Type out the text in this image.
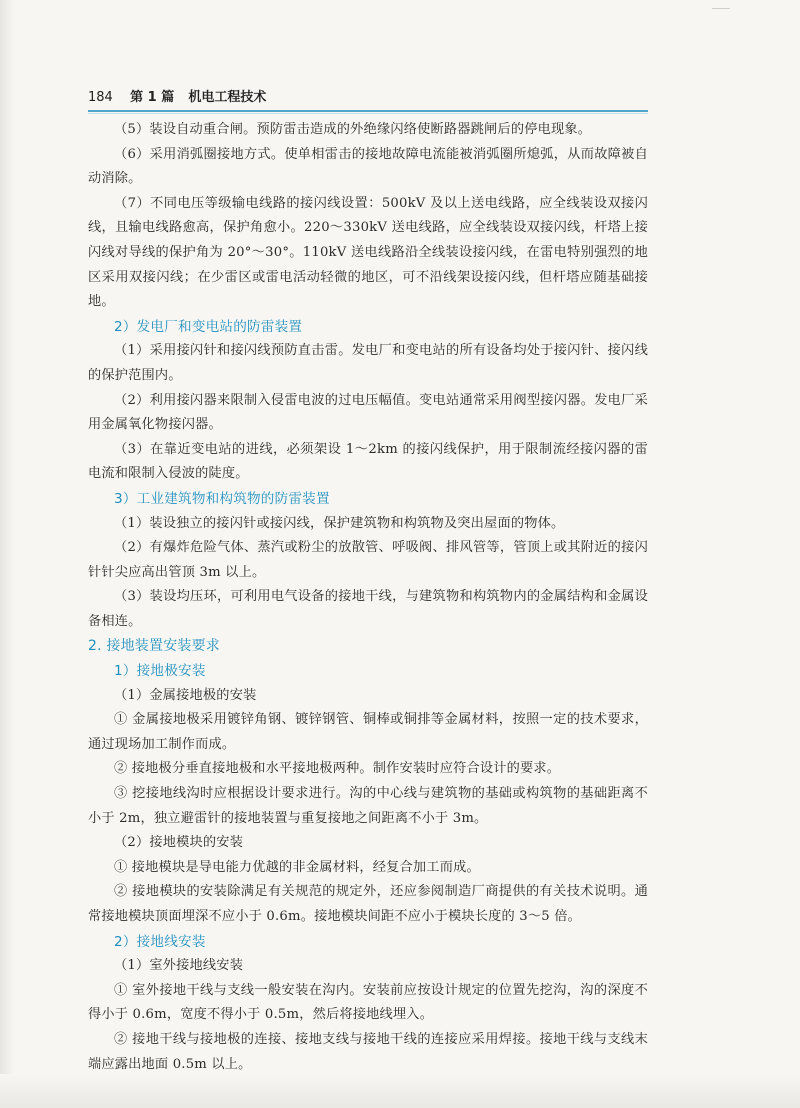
184 第 1 篇 机电工程技术

（5）装设自动重合闸。预防雷击造成的外绝缘闪络使断路器跳闸后的停电现象。

（6）采用消弧圈接地方式。使单相雷击的接地故障电流能被消弧圈所熄弧，从而故障被自动消除。

（7）不同电压等级输电线路的接闪线设置：500kV 及以上送电线路，应全线装设双接闪线，且输电线路愈高，保护角愈小。220～330kV 送电线路，应全线装设双接闪线，杆塔上接闪线对导线的保护角为 20°～30°。110kV 送电线路沿全线装设接闪线，在雷电特别强烈的地区采用双接闪线；在少雷区或雷电活动轻微的地区，可不沿线架设接闪线，但杆塔应随基础接地。

2）发电厂和变电站的防雷装置

（1）采用接闪针和接闪线预防直击雷。发电厂和变电站的所有设备均处于接闪针、接闪线的保护范围内。

（2）利用接闪器来限制入侵雷电波的过电压幅值。变电站通常采用阀型接闪器。发电厂采用金属氧化物接闪器。

（3）在靠近变电站的进线，必须架设 1～2km 的接闪线保护，用于限制流经接闪器的雷电流和限制入侵波的陡度。

3）工业建筑物和构筑物的防雷装置

（1）装设独立的接闪针或接闪线，保护建筑物和构筑物及突出屋面的物体。

（2）有爆炸危险气体、蒸汽或粉尘的放散管、呼吸阀、排风管等，管顶上或其附近的接闪针针尖应高出管顶 3m 以上。

（3）装设均压环，可利用电气设备的接地干线，与建筑物和构筑物内的金属结构和金属设备相连。

2. 接地装置安装要求
1）接地极安装

（1）金属接地极的安装

① 金属接地极采用镀锌角钢、镀锌钢管、铜棒或铜排等金属材料，按照一定的技术要求，通过现场加工制作而成。

② 接地极分垂直接地极和水平接地极两种。制作安装时应符合设计的要求。

③ 挖接地线沟时应根据设计要求进行。沟的中心线与建筑物的基础或构筑物的基础距离不小于 2m，独立避雷针的接地装置与重复接地之间距离不小于 3m。

（2）接地模块的安装

① 接地模块是导电能力优越的非金属材料，经复合加工而成。

② 接地模块的安装除满足有关规范的规定外，还应参阅制造厂商提供的有关技术说明。通常接地模块顶面埋深不应小于 0.6m。接地模块间距不应小于模块长度的 3～5 倍。

2）接地线安装

（1）室外接地线安装

① 室外接地干线与支线一般安装在沟内。安装前应按设计规定的位置先挖沟，沟的深度不得小于 0.6m，宽度不得小于 0.5m，然后将接地线埋入。

② 接地干线与接地极的连接、接地支线与接地干线的连接应采用焊接。接地干线与支线末端应露出地面 0.5m 以上。
